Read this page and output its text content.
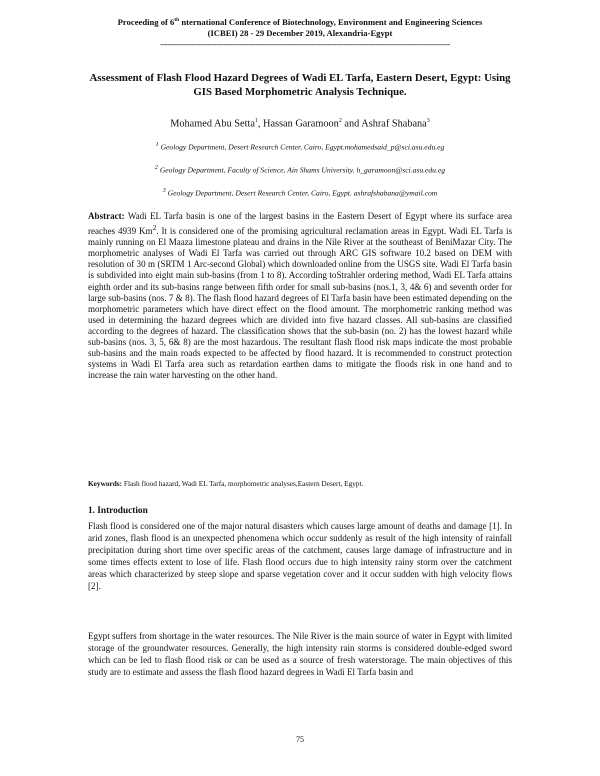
Proceeding of 6th nternational Conference of Biotechnology, Environment and Engineering Sciences
(ICBEI) 28 - 29 December 2019, Alexandria-Egypt
--------------------------------------------------------------------------------------------------------------------------------
Assessment of Flash Flood Hazard Degrees of Wadi EL Tarfa, Eastern Desert, Egypt: Using GIS Based Morphometric Analysis Technique.
Mohamed Abu Setta$^1$, Hassan Garamoon$^2$ and Ashraf Shabana$^3$
$^1$ Geology Department, Desert Research Center, Cairo, Egypt.mohamedsaid_p@sci.asu.edu.eg
$^2$ Geology Department, Faculty of Science, Ain Shams University. h_garamoon@sci.asu.edu.eg
$^3$ Geology Department, Desert Research Center, Cairo, Egypt. ashrafshabana@ymail.com
Abstract: Wadi EL Tarfa basin is one of the largest basins in the Eastern Desert of Egypt where its surface area reaches 4939 Km$^2$. It is considered one of the promising agricultural reclamation areas in Egypt. Wadi EL Tarfa is mainly running on El Maaza limestone plateau and drains in the Nile River at the southeast of BeniMazar City. The morphometric analyses of Wadi El Tarfa was carried out through ARC GIS software 10.2 based on DEM with resolution of 30 m (SRTM 1 Arc-second Global) which downloaded online from the USGS site. Wadi El Tarfa basin is subdivided into eight main sub-basins (from 1 to 8). According toStrahler ordering method, Wadi EL Tarfa attains eighth order and its sub-basins range between fifth order for small sub-basins (nos.1, 3, 4& 6) and seventh order for large sub-basins (nos. 7 & 8). The flash flood hazard degrees of El Tarfa basin have been estimated depending on the morphometric parameters which have direct effect on the flood amount. The morphometric ranking method was used in determining the hazard degrees which are divided into five hazard classes. All sub-basins are classified according to the degrees of hazard. The classification shows that the sub-basin (no. 2) has the lowest hazard while sub-basins (nos. 3, 5, 6& 8) are the most hazardous. The resultant flash flood risk maps indicate the most probable sub-basins and the main roads expected to be affected by flood hazard. It is recommended to construct protection systems in Wadi El Tarfa area such as retardation earthen dams to mitigate the floods risk in one hand and to increase the rain water harvesting on the other hand.
Keywords: Flash flood hazard, Wadi EL Tarfa, morphometric analyses,Eastern Desert, Egypt.
1. Introduction
Flash flood is considered one of the major natural disasters which causes large amount of deaths and damage [1]. In arid zones, flash flood is an unexpected phenomena which occur suddenly as result of the high intensity of rainfall precipitation during short time over specific areas of the catchment, causes large damage of infrastructure and in some times effects extent to lose of life. Flash flood occurs due to high intensity rainy storm over the catchment areas which characterized by steep slope and sparse vegetation cover and it occur sudden with high velocity flows [2].
Egypt suffers from shortage in the water resources. The Nile River is the main source of water in Egypt with limited storage of the groundwater resources. Generally, the high intensity rain storms is considered double-edged sword which can be led to flash flood risk or can be used as a source of fresh waterstorage. The main objectives of this study are to estimate and assess the flash flood hazard degrees in Wadi El Tarfa basin and
75
